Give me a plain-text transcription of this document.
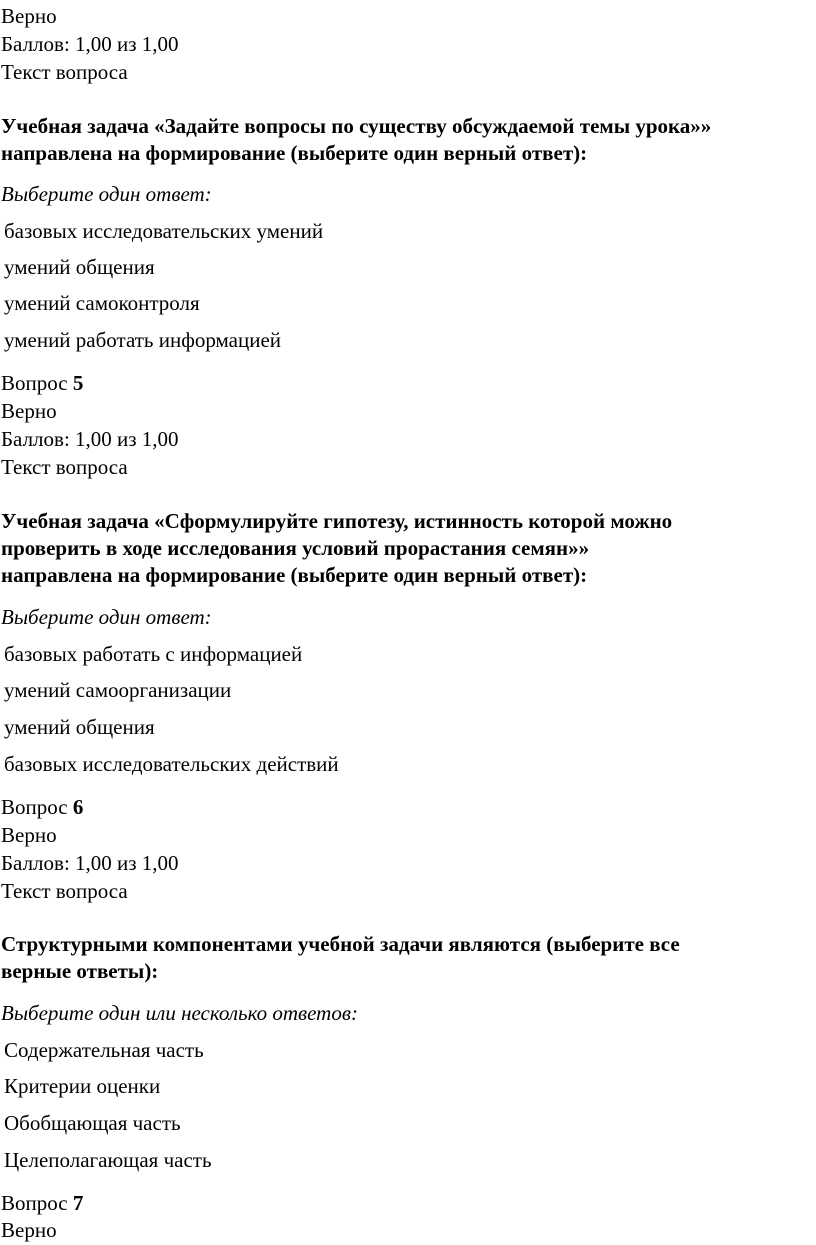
Верно
Баллов: 1,00 из 1,00
Текст вопроса
Учебная задача «Задайте вопросы по существу обсуждаемой темы урока»» направлена на формирование (выберите один верный ответ):
Выберите один ответ:
базовых исследовательских умений
умений общения
умений самоконтроля
умений работать информацией
Вопрос 5
Верно
Баллов: 1,00 из 1,00
Текст вопроса
Учебная задача «Сформулируйте гипотезу, истинность которой можно
проверить в ходе исследования условий прорастания семян»»
направлена на формирование (выберите один верный ответ):
Выберите один ответ:
базовых работать с информацией
умений самоорганизации
умений общения
базовых исследовательских действий
Вопрос 6
Верно
Баллов: 1,00 из 1,00
Текст вопроса
Структурными компонентами учебной задачи являются (выберите все
верные ответы):
Выберите один или несколько ответов:
Содержательная часть
Критерии оценки
Обобщающая часть
Целеполагающая часть
Вопрос 7
Верно
